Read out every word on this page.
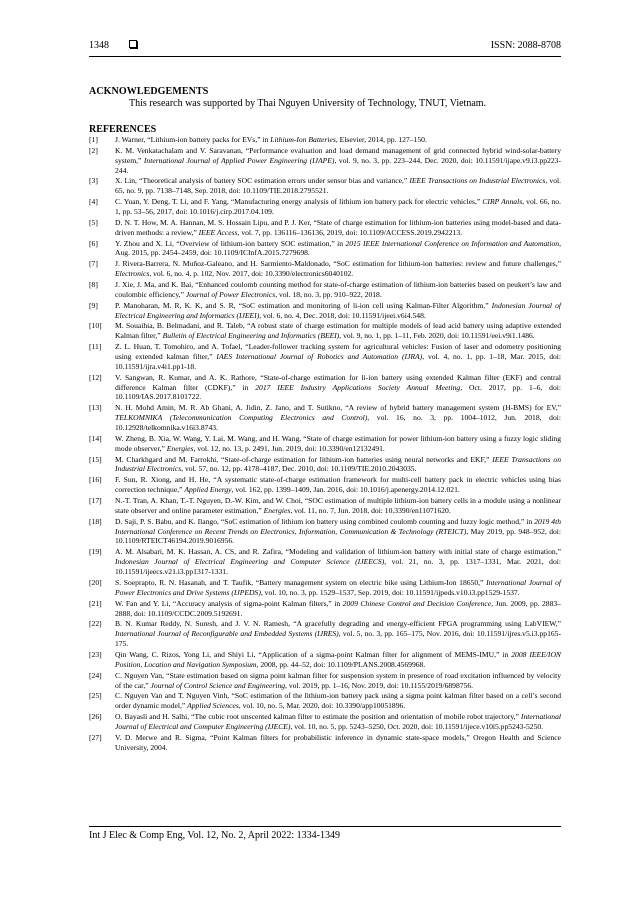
1348	ISSN: 2088-8708
ACKNOWLEDGEMENTS
This research was supported by Thai Nguyen University of Technology, TNUT, Vietnam.
REFERENCES
[1]	J. Warner, “Lithium-ion battery packs for EVs,” in Lithium-Ion Batteries, Elsevier, 2014, pp. 127–150.
[2]	K. M. Venkatachalam and V. Saravanan, “Performance evaluation and load demand management of grid connected hybrid wind-solar-battery system,” International Journal of Applied Power Engineering (IJAPE), vol. 9, no. 3, pp. 223–244, Dec. 2020, doi: 10.11591/ijape.v9.i3.pp223-244.
[3]	X. Lin, “Theoretical analysis of battery SOC estimation errors under sensor bias and variance,” IEEE Transactions on Industrial Electronics, vol. 65, no. 9, pp. 7138–7148, Sep. 2018, doi: 10.1109/TIE.2018.2795521.
[4]	C. Yuan, Y. Deng, T. Li, and F. Yang, “Manufacturing energy analysis of lithium ion battery pack for electric vehicles,” CIRP Annals, vol. 66, no. 1, pp. 53–56, 2017, doi: 10.1016/j.cirp.2017.04.109.
[5]	D. N. T. How, M. A. Hannan, M. S. Hossain Lipu, and P. J. Ker, “State of charge estimation for lithium-ion batteries using model-based and data-driven methods: a review,” IEEE Access, vol. 7, pp. 136116–136136, 2019, doi: 10.1109/ACCESS.2019.2942213.
[6]	Y. Zhou and X. Li, “Overview of lithium-ion battery SOC estimation,” in 2015 IEEE International Conference on Information and Automation, Aug. 2015, pp. 2454–2459, doi: 10.1109/ICInfA.2015.7279698.
[7]	J. Rivera-Barrera, N. Muñoz-Galeano, and H. Sarmiento-Maldonado, “SoC estimation for lithium-ion batteries: review and future challenges,” Electronics, vol. 6, no. 4, p. 102, Nov. 2017, doi: 10.3390/electronics6040102.
[8]	J. Xie, J. Ma, and K. Bai, “Enhanced coulomb counting method for state-of-charge estimation of lithium-ion batteries based on peukert’s law and coulombic efficiency,” Journal of Power Electronics, vol. 18, no. 3, pp. 910–922, 2018.
[9]	P. Manoharan, M. R, K. K, and S. R, “SoC estimation and monitoring of li-ion cell using Kalman-Filter Algorithm,” Indonesian Journal of Electrical Engineering and Informatics (IJEEI), vol. 6, no. 4, Dec. 2018, doi: 10.11591/ijeei.v6i4.548.
[10]	M. Souaihia, B. Belmadani, and R. Taleb, “A robust state of charge estimation for multiple models of lead acid battery using adaptive extended Kalman filter,” Bulletin of Electrical Engineering and Informatics (BEEI), vol. 9, no. 1, pp. 1–11, Feb. 2020, doi: 10.11591/eei.v9i1.1486.
[11]	Z. L. Huan, T. Tomohiro, and A. Tofael, “Leader-follower tracking system for agricultural vehicles: Fusion of laser and odometry positioning using extended kalman filter,” IAES International Journal of Robotics and Automation (IJRA), vol. 4, no. 1, pp. 1–18, Mar. 2015, doi: 10.11591/ijra.v4i1.pp1-18.
[12]	V. Sangwan, R. Kumar, and A. K. Rathore, “State-of-charge estimation for li-ion battery using extended Kalman filter (EKF) and central difference Kalman filter (CDKF),” in 2017 IEEE Industry Applications Society Annual Meeting, Oct. 2017, pp. 1–6, doi: 10.1109/IAS.2017.8101722.
[13]	N. H. Mohd Amin, M. R. Ab Ghani, A. Jidin, Z. Jano, and T. Sutikno, “A review of hybrid battery management system (H-BMS) for EV,” TELKOMNIKA (Telecommunication Computing Electronics and Control), vol. 16, no. 3, pp. 1004–1012, Jun. 2018, doi: 10.12928/telkomnika.v16i3.8743.
[14]	W. Zheng, B. Xia, W. Wang, Y. Lai, M. Wang, and H. Wang, “State of charge estimation for power lithium-ion battery using a fuzzy logic sliding mode observer,” Energies, vol. 12, no. 13, p. 2491, Jun. 2019, doi: 10.3390/en12132491.
[15]	M. Charkhgard and M. Farrokhi, “State-of-charge estimation for lithium-ion batteries using neural networks and EKF,” IEEE Transactions on Industrial Electronics, vol. 57, no. 12, pp. 4178–4187, Dec. 2010, doi: 10.1109/TIE.2010.2043035.
[16]	F. Sun, R. Xiong, and H. He, “A systematic state-of-charge estimation framework for multi-cell battery pack in electric vehicles using bias correction technique,” Applied Energy, vol. 162, pp. 1399–1409, Jan. 2016, doi: 10.1016/j.apenergy.2014.12.021.
[17]	N.-T. Tran, A. Khan, T.-T. Nguyen, D.-W. Kim, and W. Choi, “SOC estimation of multiple lithium-ion battery cells in a module using a nonlinear state observer and online parameter estimation,” Energies, vol. 11, no. 7, Jun. 2018, doi: 10.3390/en11071620.
[18]	D. Saji, P. S. Babu, and K. Ilango, “SoC estimation of lithium ion battery using combined coulomb counting and fuzzy logic method,” in 2019 4th International Conference on Recent Trends on Electronics, Information, Communication & Technology (RTEICT), May 2019, pp. 948–952, doi: 10.1109/RTEICT46194.2019.9016956.
[19]	A. M. Alsabari, M. K. Hassan, A. CS, and R. Zafira, “Modeling and validation of lithium-ion battery with initial state of charge estimation,” Indonesian Journal of Electrical Engineering and Computer Science (IJEECS), vol. 21, no. 3, pp. 1317–1331, Mar. 2021, doi: 10.11591/ijeecs.v21.i3.pp1317-1331.
[20]	S. Soeprapto, R. N. Hasanah, and T. Taufik, “Battery management system on electric bike using Lithium-Ion 18650,” International Journal of Power Electronics and Drive Systems (IJPEDS), vol. 10, no. 3, pp. 1529–1537, Sep. 2019, doi: 10.11591/ijpeds.v10.i3.pp1529-1537.
[21]	W. Fan and Y. Li, “Accuracy analysis of sigma-point Kalman filters,” in 2009 Chinese Control and Decision Conference, Jun. 2009, pp. 2883–2888, doi: 10.1109/CCDC.2009.5192691.
[22]	B. N. Kumar Reddy, N. Suresh, and J. V. N. Ramesh, “A gracefully degrading and energy-efficient FPGA programming using LabVIEW,” International Journal of Reconfigurable and Embedded Systems (IJRES), vol. 5, no. 3, pp. 165–175, Nov. 2016, doi: 10.11591/ijres.v5.i3.pp165-175.
[23]	Qin Wang, C. Rizos, Yong Li, and Shiyi Li, “Application of a sigma-point Kalman filter for alignment of MEMS-IMU,” in 2008 IEEE/ION Position, Location and Navigation Symposium, 2008, pp. 44–52, doi: 10.1109/PLANS.2008.4569968.
[24]	C. Nguyen Van, “State estimation based on sigma point kalman filter for suspension system in presence of road excitation influenced by velocity of the car,” Journal of Control Science and Engineering, vol. 2019, pp. 1–16, Nov. 2019, doi: 10.1155/2019/6898756.
[25]	C. Nguyen Van and T. Nguyen Vinh, “SoC estimation of the lithium-ion battery pack using a sigma point kalman filter based on a cell’s second order dynamic model,” Applied Sciences, vol. 10, no. 5, Mar. 2020, doi: 10.3390/app10051896.
[26]	O. Bayasli and H. Salhi, “The cubic root unscented kalman filter to estimate the position and orientation of mobile robot trajectory,” International Journal of Electrical and Computer Engineering (IJECE), vol. 10, no. 5, pp. 5243–5250, Oct. 2020, doi: 10.11591/ijece.v10i5.pp5243-5250.
[27]	V. D. Merwe and R. Sigma, “Point Kalman filters for probabilistic inference in dynamic state-space models,” Oregon Health and Science University, 2004.
Int J Elec & Comp Eng, Vol. 12, No. 2, April 2022: 1334-1349
